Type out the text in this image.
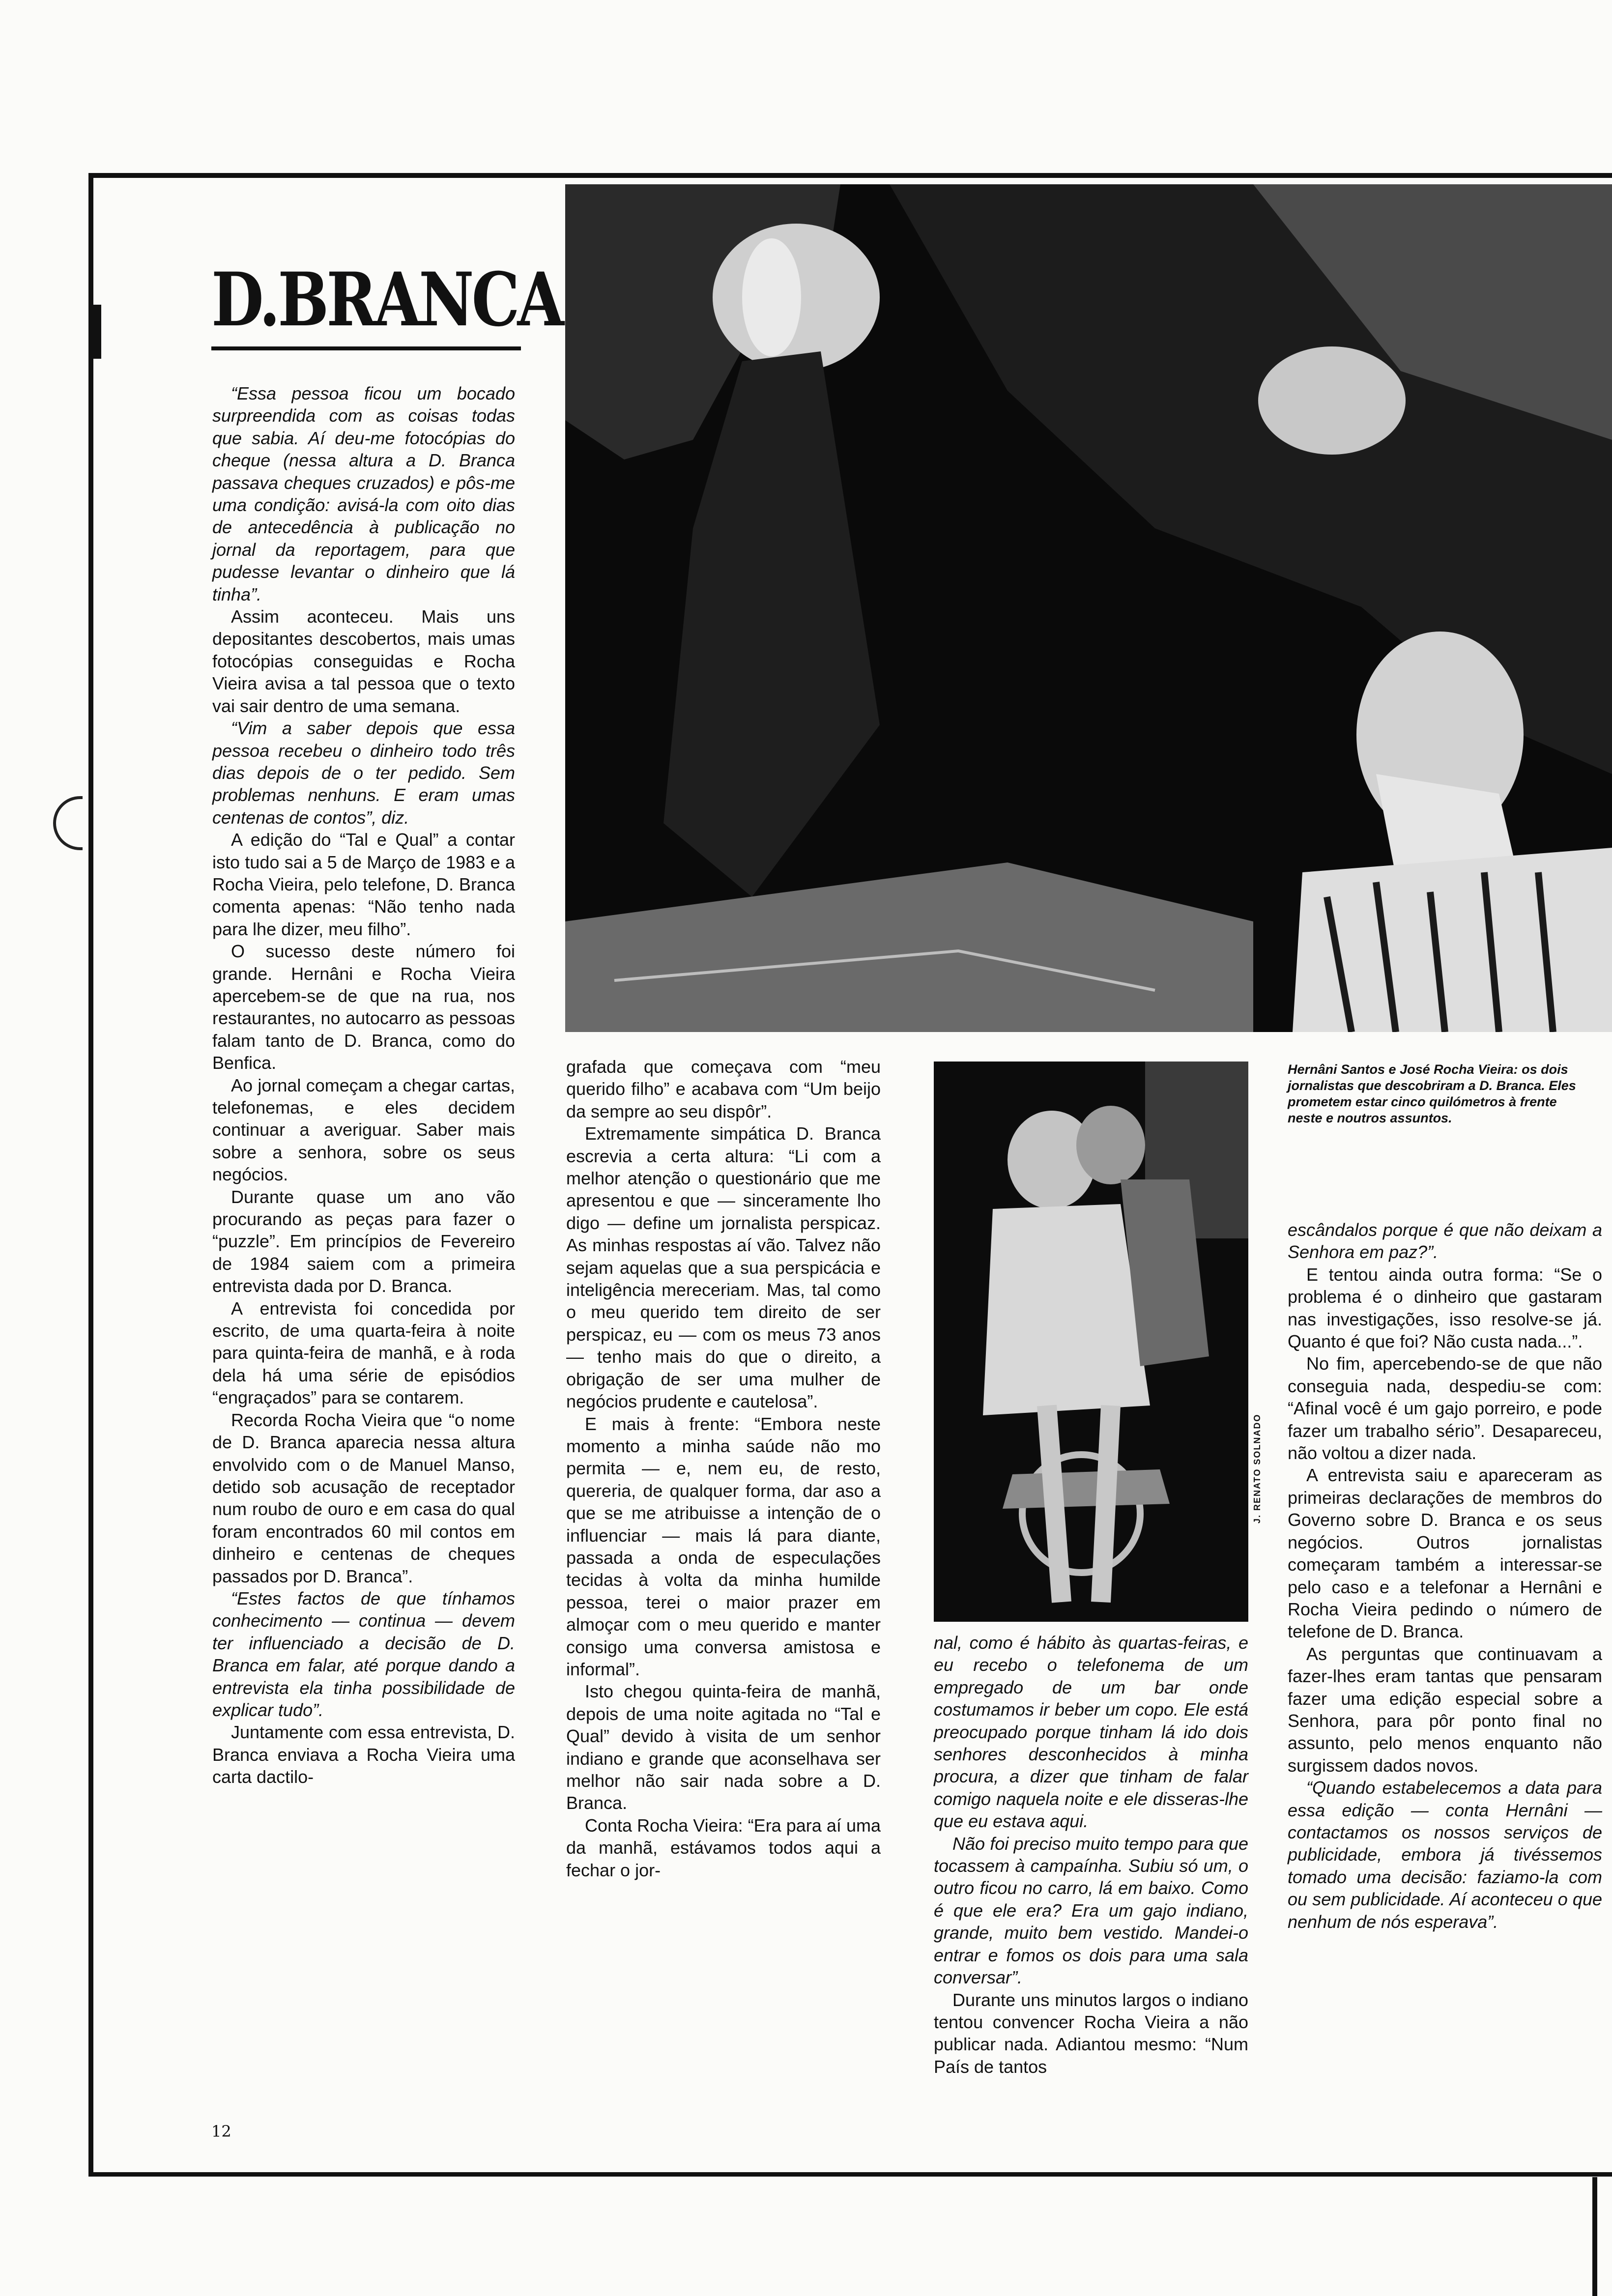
D.BRANCA

“Essa pessoa ficou um bocado surpreendida com as coisas todas que sabia. Aí deu-me fotocópias do cheque (nessa altura a D. Branca passava cheques cruzados) e pôs-me uma condição: avisá-la com oito dias de antecedência à publicação no jornal da reportagem, para que pudesse levantar o dinheiro que lá tinha”.

Assim aconteceu. Mais uns depositantes descobertos, mais umas fotocópias conseguidas e Rocha Vieira avisa a tal pessoa que o texto vai sair dentro de uma semana.

“Vim a saber depois que essa pessoa recebeu o dinheiro todo três dias depois de o ter pedido. Sem problemas nenhuns. E eram umas centenas de contos”, diz.

A edição do “Tal e Qual” a contar isto tudo sai a 5 de Março de 1983 e a Rocha Vieira, pelo telefone, D. Branca comenta apenas: “Não tenho nada para lhe dizer, meu filho”.

O sucesso deste número foi grande. Hernâni e Rocha Vieira apercebem-se de que na rua, nos restaurantes, no autocarro as pessoas falam tanto de D. Branca, como do Benfica.

Ao jornal começam a chegar cartas, telefonemas, e eles decidem continuar a averiguar. Saber mais sobre a senhora, sobre os seus negócios.

Durante quase um ano vão procurando as peças para fazer o “puzzle”. Em princípios de Fevereiro de 1984 saiem com a primeira entrevista dada por D. Branca.

A entrevista foi concedida por escrito, de uma quarta-feira à noite para quinta-feira de manhã, e à roda dela há uma série de episódios “engraçados” para se contarem.

Recorda Rocha Vieira que “o nome de D. Branca aparecia nessa altura envolvido com o de Manuel Manso, detido sob acusação de receptador num roubo de ouro e em casa do qual foram encontrados 60 mil contos em dinheiro e centenas de cheques passados por D. Branca”.

“Estes factos de que tínhamos conhecimento — continua — devem ter influenciado a decisão de D. Branca em falar, até porque dando a entrevista ela tinha possibilidade de explicar tudo”.

Juntamente com essa entrevista, D. Branca enviava a Rocha Vieira uma carta dactilo-

grafada que começava com “meu querido filho” e acabava com “Um beijo da sempre ao seu dispôr”.

Extremamente simpática D. Branca escrevia a certa altura: “Li com a melhor atenção o questionário que me apresentou e que — sinceramente lho digo — define um jornalista perspicaz. As minhas respostas aí vão. Talvez não sejam aquelas que a sua perspicácia e inteligência mereceriam. Mas, tal como o meu querido tem direito de ser perspicaz, eu — com os meus 73 anos — tenho mais do que o direito, a obrigação de ser uma mulher de negócios prudente e cautelosa”.

E mais à frente: “Embora neste momento a minha saúde não mo permita — e, nem eu, de resto, quereria, de qualquer forma, dar aso a que se me atribuisse a intenção de o influenciar — mais lá para diante, passada a onda de especulações tecidas à volta da minha humilde pessoa, terei o maior prazer em almoçar com o meu querido e manter consigo uma conversa amistosa e informal”.

Isto chegou quinta-feira de manhã, depois de uma noite agitada no “Tal e Qual” devido à visita de um senhor indiano e grande que aconselhava ser melhor não sair nada sobre a D. Branca.

Conta Rocha Vieira: “Era para aí uma da manhã, estávamos todos aqui a fechar o jor-

J. RENATO SOLNADO
Hernâni Santos e José Rocha Vieira: os dois jornalistas que descobriram a D. Branca. Eles prometem estar cinco quilómetros à frente neste e noutros assuntos.

nal, como é hábito às quartas-feiras, e eu recebo o telefonema de um empregado de um bar onde costumamos ir beber um copo. Ele está preocupado porque tinham lá ido dois senhores desconhecidos à minha procura, a dizer que tinham de falar comigo naquela noite e ele disseras-lhe que eu estava aqui.

Não foi preciso muito tempo para que tocassem à campaínha. Subiu só um, o outro ficou no carro, lá em baixo. Como é que ele era? Era um gajo indiano, grande, muito bem vestido. Mandei-o entrar e fomos os dois para uma sala conversar”.

Durante uns minutos largos o indiano tentou convencer Rocha Vieira a não publicar nada. Adiantou mesmo: “Num País de tantos

escândalos porque é que não deixam a Senhora em paz?”.

E tentou ainda outra forma: “Se o problema é o dinheiro que gastaram nas investigações, isso resolve-se já. Quanto é que foi? Não custa nada...”.

No fim, apercebendo-se de que não conseguia nada, despediu-se com: “Afinal você é um gajo porreiro, e pode fazer um trabalho sério”. Desapareceu, não voltou a dizer nada.

A entrevista saiu e apareceram as primeiras declarações de membros do Governo sobre D. Branca e os seus negócios. Outros jornalistas começaram também a interessar-se pelo caso e a telefonar a Hernâni e Rocha Vieira pedindo o número de telefone de D. Branca.

As perguntas que continuavam a fazer-lhes eram tantas que pensaram fazer uma edição especial sobre a Senhora, para pôr ponto final no assunto, pelo menos enquanto não surgissem dados novos.

“Quando estabelecemos a data para essa edição — conta Hernâni — contactamos os nossos serviços de publicidade, embora já tivéssemos tomado uma decisão: faziamo-la com ou sem publicidade. Aí aconteceu o que nenhum de nós esperava”.

12
